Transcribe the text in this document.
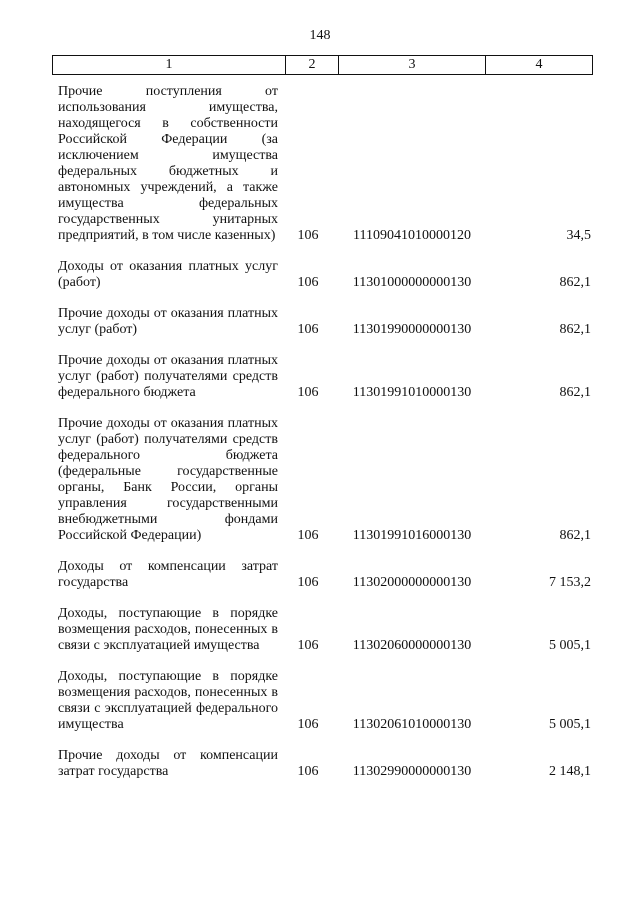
148
1	2	3	4
Прочие поступления от использования имущества, находящегося в собственности Российской Федерации (за исключением имущества федеральных бюджетных и автономных учреждений, а также имущества федеральных государственных унитарных предприятий, в том числе казенных)	106	11109041010000120	34,5
Доходы от оказания платных услуг (работ)	106	11301000000000130	862,1
Прочие доходы от оказания платных услуг (работ)	106	11301990000000130	862,1
Прочие доходы от оказания платных услуг (работ) получателями средств федерального бюджета	106	11301991010000130	862,1
Прочие доходы от оказания платных услуг (работ) получателями средств федерального бюджета (федеральные государственные органы, Банк России, органы управления государственными внебюджетными фондами Российской Федерации)	106	11301991016000130	862,1
Доходы от компенсации затрат государства	106	11302000000000130	7 153,2
Доходы, поступающие в порядке возмещения расходов, понесенных в связи с эксплуатацией имущества	106	11302060000000130	5 005,1
Доходы, поступающие в порядке возмещения расходов, понесенных в связи с эксплуатацией федерального имущества	106	11302061010000130	5 005,1
Прочие доходы от компенсации затрат государства	106	11302990000000130	2 148,1
